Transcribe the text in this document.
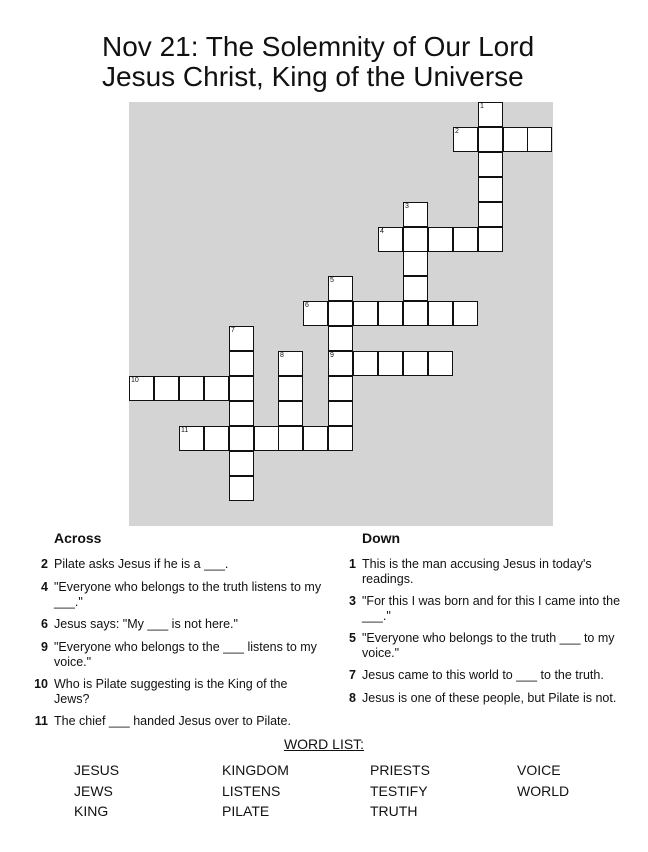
Nov 21: The Solemnity of Our Lord
Jesus Christ, King of the Universe
1
2
3
4
5
9
6
7
8
10
11
Across	Down
2 Pilate asks Jesus if he is a ___.
4 "Everyone who belongs to the truth listens to my ___."
6 Jesus says: "My ___ is not here."
9 "Everyone who belongs to the ___ listens to my voice."
10 Who is Pilate suggesting is the King of the Jews?
11 The chief ___ handed Jesus over to Pilate.
1 This is the man accusing Jesus in today's readings.
3 "For this I was born and for this I came into the ___."
5 "Everyone who belongs to the truth ___ to my voice."
7 Jesus came to this world to ___ to the truth.
8 Jesus is one of these people, but Pilate is not.
WORD LIST:
JESUS
JEWS
KING
KINGDOM
LISTENS
PILATE
PRIESTS
TESTIFY
TRUTH
VOICE
WORLD
